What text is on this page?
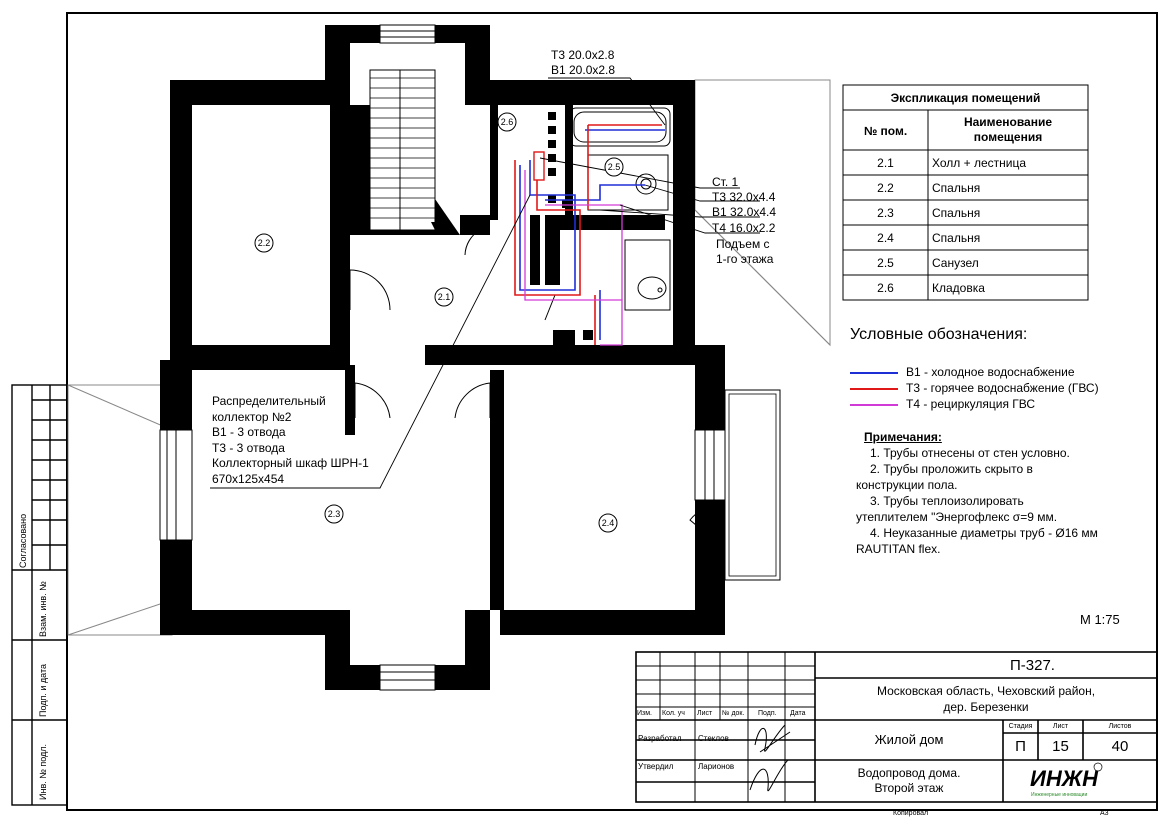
ИНЖН
Инженерные инновации
2.2
2.1
2.3
2.4
2.5
2.6
Согласовано
Взам. инв. №
Подп. и дата
Инв. № подл.
Т3 20.0х2.8
В1 20.0х2.8
Ст. 1
Т3 32.0х4.4
В1 32.0х4.4
Т4 16.0х2.2
Подъем с
1-го этажа
Распределительный
коллектор №2
В1 - 3 отвода
Т3 - 3 отвода
Коллекторный шкаф ШРН-1
670х125х454
Экспликация помещений
№ пом.
Наименование
помещения
2.1	Холл + лестница
2.2	Спальня
2.3	Спальня
2.4	Спальня
2.5	Санузел
2.6	Кладовка
Условные обозначения:
В1 - холодное водоснабжение
Т3 - горячее водоснабжение (ГВС)
Т4 - рециркуляция ГВС
Примечания:
1. Трубы отнесены от стен условно.
2. Трубы проложить скрыто в
конструкции пола.
3. Трубы теплоизолировать
утеплителем "Энергофлекс σ=9 мм.
4. Неуказанные диаметры труб - Ø16 мм
RAUTITAN flex.
М 1:75
П-327.
Московская область, Чеховский район,
дер. Березенки
Изм. Кол. уч Лист № док. Подп. Дата
Разработал Стеклов
Утвердил	Ларионов
Жилой дом
Стадия	Лист	Листов
П	15	40
Водопровод дома.
Второй этаж
Копировал	А3
